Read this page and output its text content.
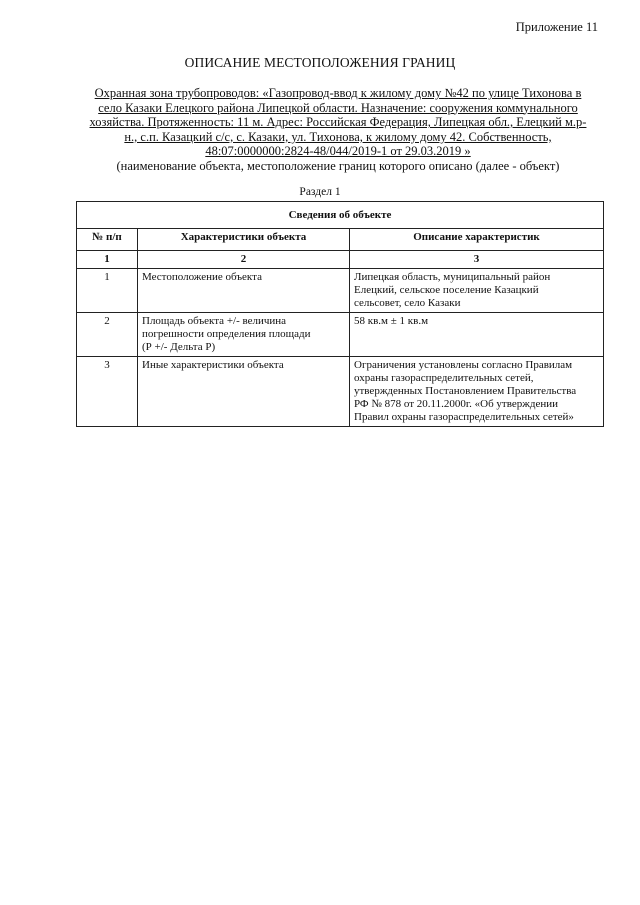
Приложение 11
ОПИСАНИЕ МЕСТОПОЛОЖЕНИЯ ГРАНИЦ
Охранная зона трубопроводов: «Газопровод-ввод к жилому дому №42 по улице Тихонова в
село Казаки Елецкого района Липецкой области. Назначение: сооружения коммунального
хозяйства. Протяженность: 11 м. Адрес: Российская Федерация, Липецкая обл., Елецкий м.р-
н., с.п. Казацкий с/с, с. Казаки, ул. Тихонова, к жилому дому 42. Собственность,
48:07:0000000:2824-48/044/2019-1 от 29.03.2019 »
(наименование объекта, местоположение границ которого описано (далее - объект)
Раздел 1
Сведения об объекте		
№ п/п	Характеристики объекта	Описание характеристик
1	2	3
1	Местоположение объекта	Липецкая область, муниципальный район
Елецкий, сельское поселение Казацкий
сельсовет, село Казаки

2	Площадь объекта +/- величина
погрешности определения площади
(Р +/- Дельта Р)	58 кв.м ± 1 кв.м

3	Иные характеристики объекта	Ограничения установлены согласно Правилам
охраны газораспределительных сетей,
утвержденных Постановлением Правительства
РФ № 878 от 20.11.2000г. «Об утверждении
Правил охраны газораспределительных сетей»
